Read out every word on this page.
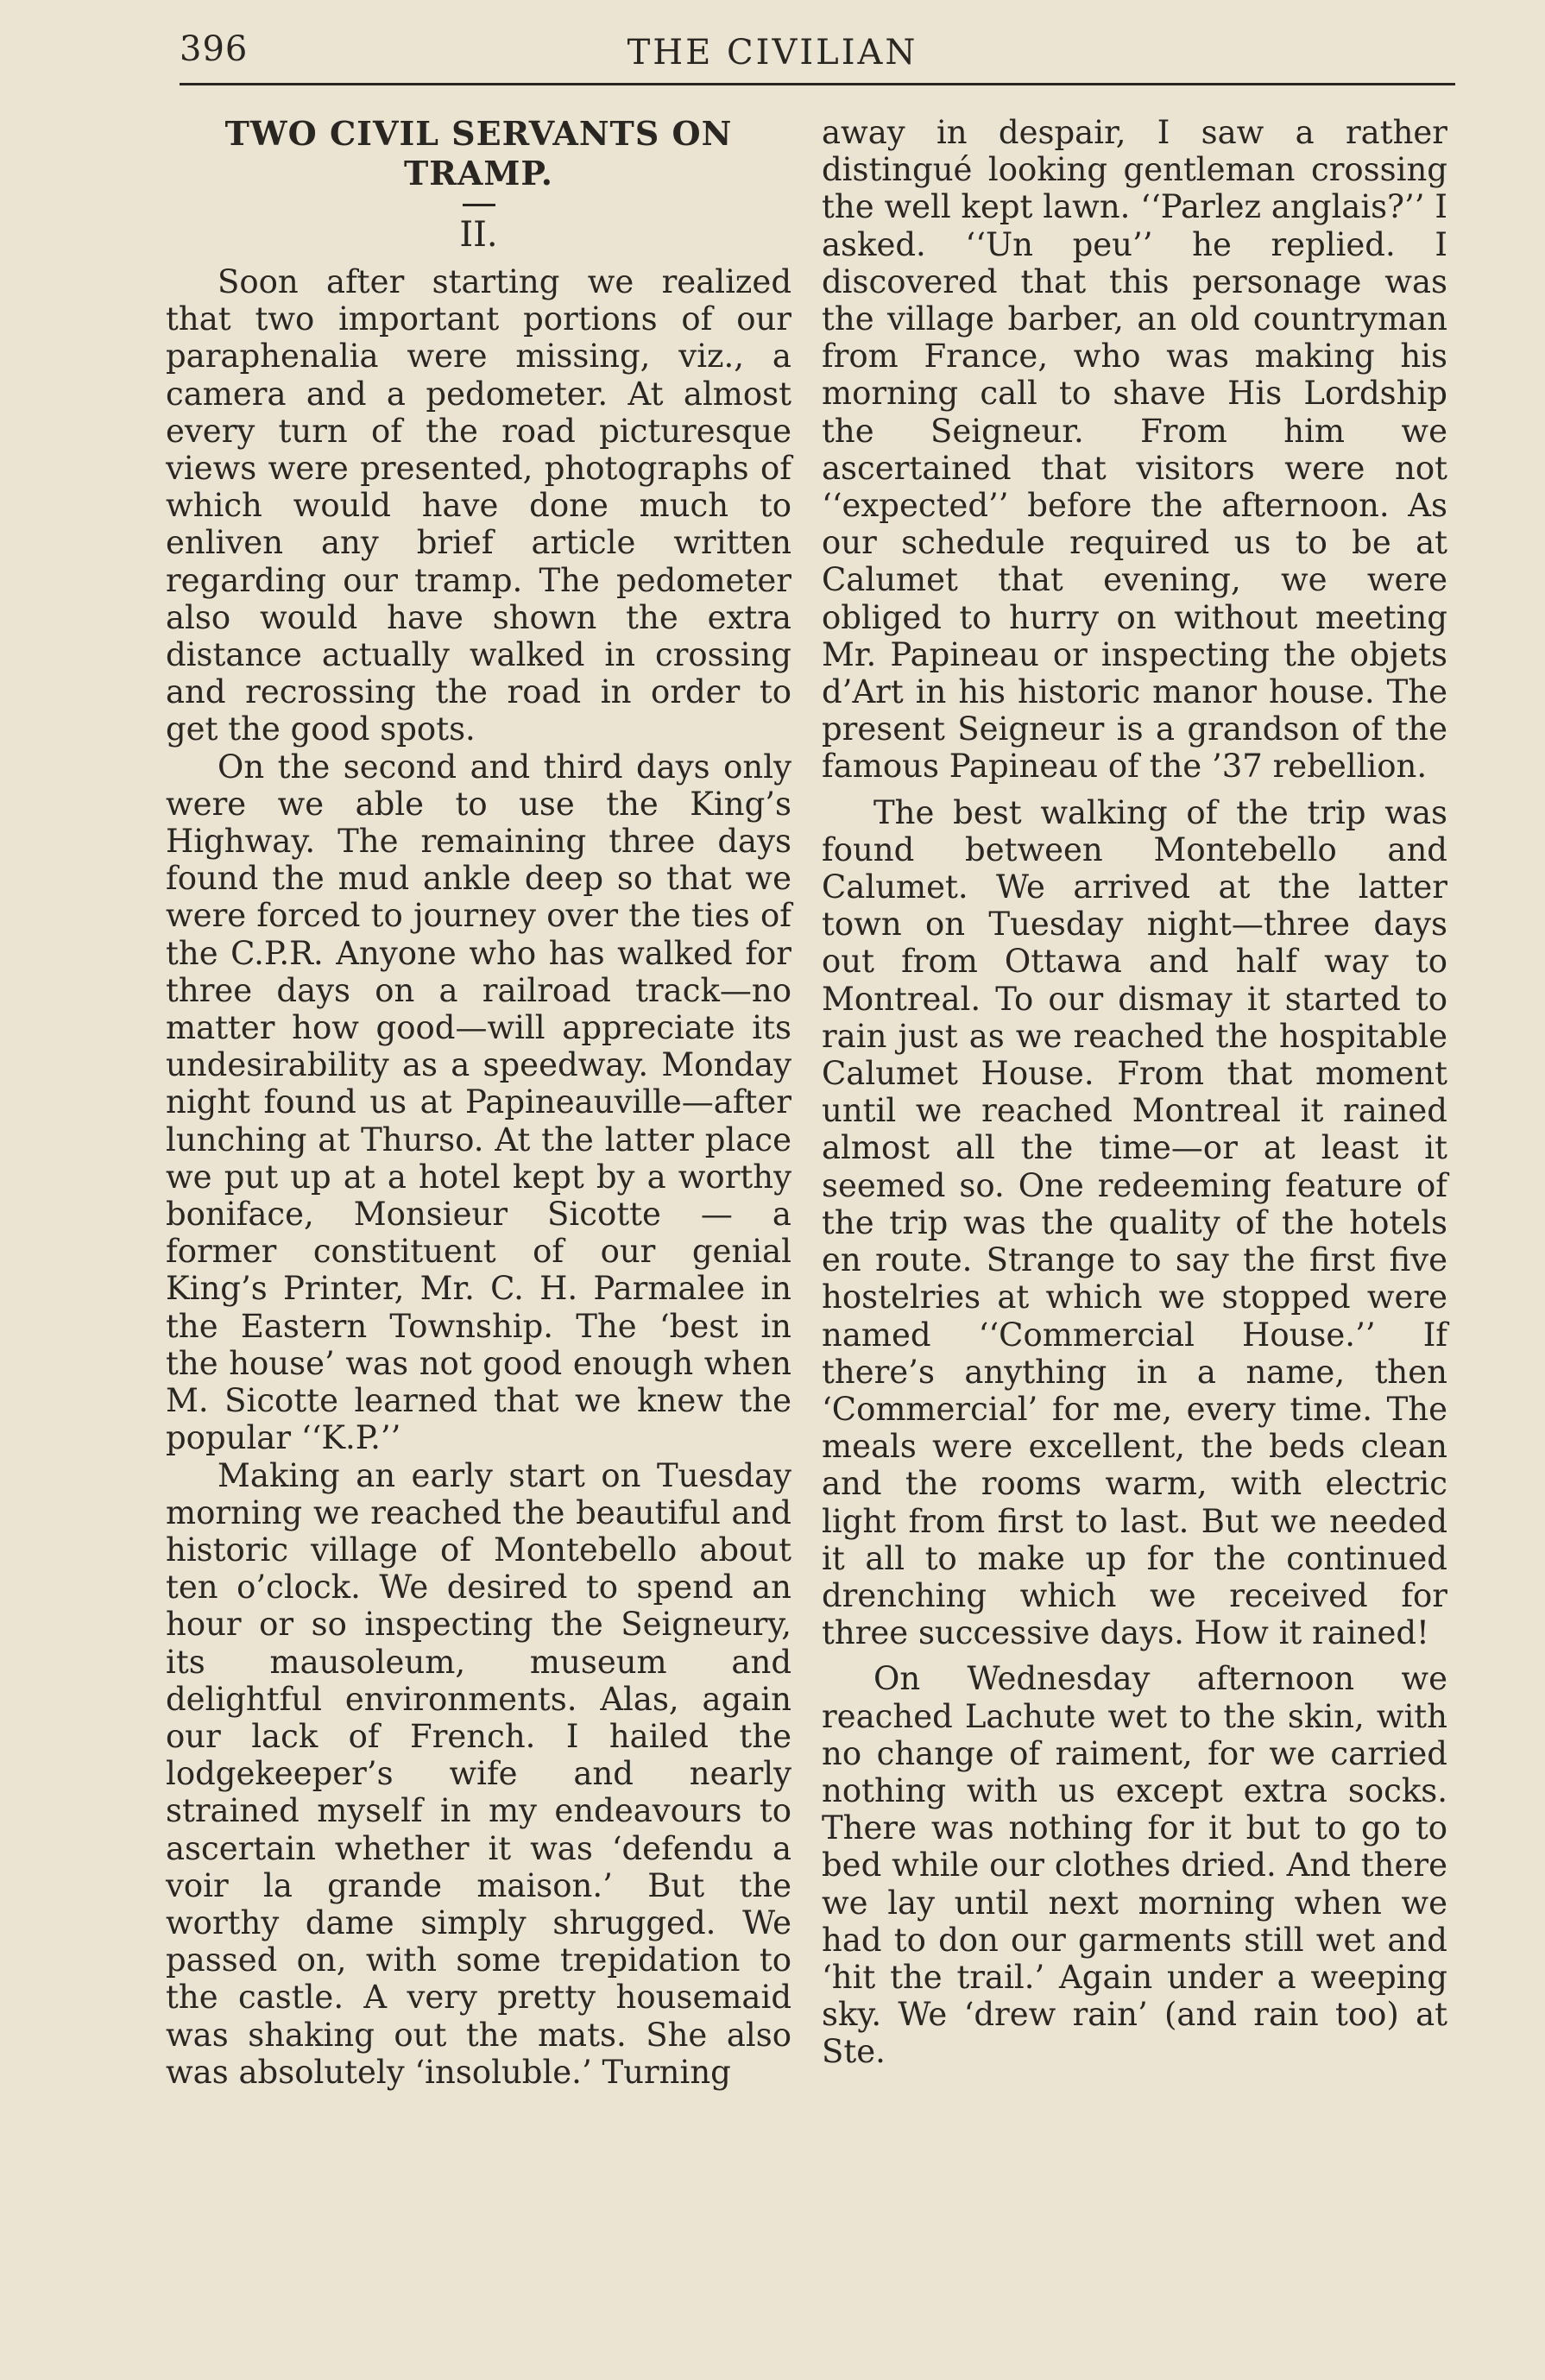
396	THE CIVILIAN
TWO CIVIL SERVANTS ON TRAMP.
II.

Soon after starting we realized that two important portions of our paraphenalia were missing, viz., a camera and a pedometer. At almost every turn of the road picturesque views were presented, photographs of which would have done much to enliven any brief article written regarding our tramp. The pedometer also would have shown the extra distance actually walked in crossing and recrossing the road in order to get the good spots.

On the second and third days only were we able to use the King’s Highway. The remaining three days found the mud ankle deep so that we were forced to journey over the ties of the C.P.R. Anyone who has walked for three days on a railroad track—no matter how good—will appreciate its undesirability as a speedway. Monday night found us at Papineauville—after lunching at Thurso. At the latter place we put up at a hotel kept by a worthy boniface, Monsieur Sicotte — a former constituent of our genial King’s Printer, Mr. C. H. Parmalee in the Eastern Township. The ‘best in the house’ was not good enough when M. Sicotte learned that we knew the popular ‘‘K.P.’’

Making an early start on Tuesday morning we reached the beautiful and historic village of Montebello about ten o’clock. We desired to spend an hour or so inspecting the Seigneury, its mausoleum, museum and delightful environments. Alas, again our lack of French. I hailed the lodgekeeper’s wife and nearly strained myself in my endeavours to ascertain whether it was ‘defendu a voir la grande maison.’ But the worthy dame simply shrugged. We passed on, with some trepidation to the castle. A very pretty housemaid was shaking out the mats. She also was absolutely ‘insoluble.’ Turning

away in despair, I saw a rather distingué looking gentleman crossing the well kept lawn. ‘‘Parlez anglais?’’ I asked. ‘‘Un peu’’ he replied. I discovered that this personage was the village barber, an old countryman from France, who was making his morning call to shave His Lordship the Seigneur. From him we ascertained that visitors were not ‘‘expected’’ before the afternoon. As our schedule required us to be at Calumet that evening, we were obliged to hurry on without meeting Mr. Papineau or inspecting the objets d’Art in his historic manor house. The present Seigneur is a grandson of the famous Papineau of the ’37 rebellion.

The best walking of the trip was found between Montebello and Calumet. We arrived at the latter town on Tuesday night—three days out from Ottawa and half way to Montreal. To our dismay it started to rain just as we reached the hospitable Calumet House. From that moment until we reached Montreal it rained almost all the time—or at least it seemed so. One redeeming feature of the trip was the quality of the hotels en route. Strange to say the first five hostelries at which we stopped were named ‘‘Commercial House.’’ If there’s anything in a name, then ‘Commercial’ for me, every time. The meals were excellent, the beds clean and the rooms warm, with electric light from first to last. But we needed it all to make up for the continued drenching which we received for three successive days. How it rained!

On Wednesday afternoon we reached Lachute wet to the skin, with no change of raiment, for we carried nothing with us except extra socks. There was nothing for it but to go to bed while our clothes dried. And there we lay until next morning when we had to don our garments still wet and ‘hit the trail.’ Again under a weeping sky. We ‘drew rain’ (and rain too) at Ste.
